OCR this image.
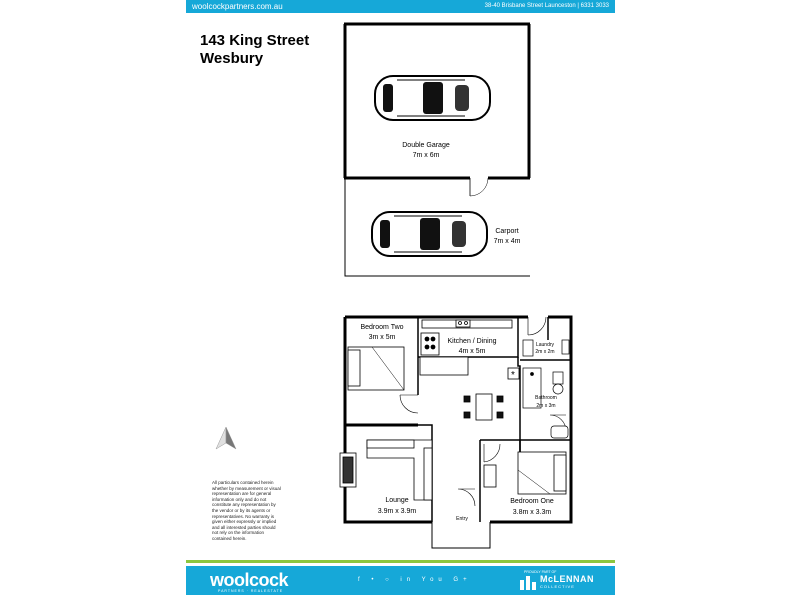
woolcockpartners.com.au	38-40 Brisbane Street Launceston | 6331 3033
143 King Street
Wesbury
Double Garage
7m x 6m
Carport
7m x 4m
*
Bedroom Two
3m x 5m
Kitchen / Dining
4m x 5m
Laundry
2m x 2m
Bathroom
2m x 3m
Lounge
3.9m x 3.9m
Bedroom One
3.8m x 3.3m
Entry
All particulars contained herein whether by measurement or visual representation are for general information only and do not constitute any representation by the vendor or by its agents or representatives. No warranty is given either expressly or implied and all interested parties should not rely on the information contained herein.
woolcock
PARTNERS · REALESTATE
f • ○ in You G+
PROUDLY PART OF
McLENNAN
COLLECTIVE
